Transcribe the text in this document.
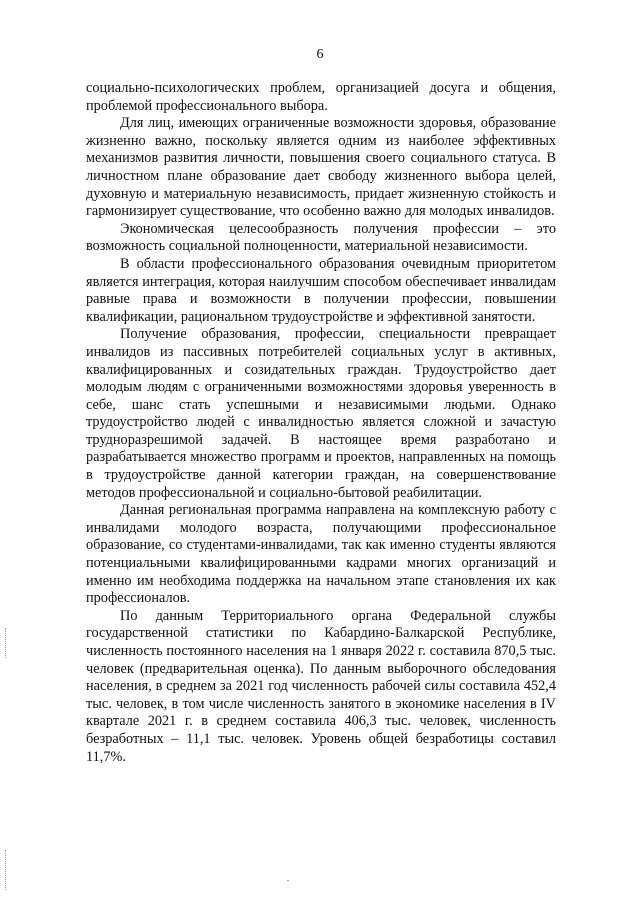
6

социально-психологических проблем, организацией досуга и общения, проблемой профессионального выбора.

Для лиц, имеющих ограниченные возможности здоровья, образование жизненно важно, поскольку является одним из наиболее эффективных механизмов развития личности, повышения своего социального статуса. В личностном плане образование дает свободу жизненного выбора целей, духовную и материальную независимость, придает жизненную стойкость и гармонизирует существование, что особенно важно для молодых инвалидов.

Экономическая целесообразность получения профессии – это возможность социальной полноценности, материальной независимости.

В области профессионального образования очевидным приоритетом является интеграция, которая наилучшим способом обеспечивает инвалидам равные права и возможности в получении профессии, повышении квалификации, рациональном трудоустройстве и эффективной занятости.

Получение образования, профессии, специальности превращает инвалидов из пассивных потребителей социальных услуг в активных, квалифицированных и созидательных граждан. Трудоустройство дает молодым людям с ограниченными возможностями здоровья уверенность в себе, шанс стать успешными и независимыми людьми. Однако трудоустройство людей с инвалидностью является сложной и зачастую трудноразрешимой задачей. В настоящее время разработано и разрабатывается множество программ и проектов, направленных на помощь в трудоустройстве данной категории граждан, на совершенствование методов профессиональной и социально-бытовой реабилитации.

Данная региональная программа направлена на комплексную работу с инвалидами молодого возраста, получающими профессиональное образование, со студентами-инвалидами, так как именно студенты являются потенциальными квалифицированными кадрами многих организаций и именно им необходима поддержка на начальном этапе становления их как профессионалов.

По данным Территориального органа Федеральной службы государственной статистики по Кабардино-Балкарской Республике, численность постоянного населения на 1 января 2022 г. составила 870,5 тыс. человек (предварительная оценка). По данным выборочного обследования населения, в среднем за 2021 год численность рабочей силы составила 452,4 тыс. человек, в том числе численность занятого в экономике населения в IV квартале 2021 г. в среднем составила 406,3 тыс. человек, численность безработных – 11,1 тыс. человек. Уровень общей безработицы составил 11,7%.
